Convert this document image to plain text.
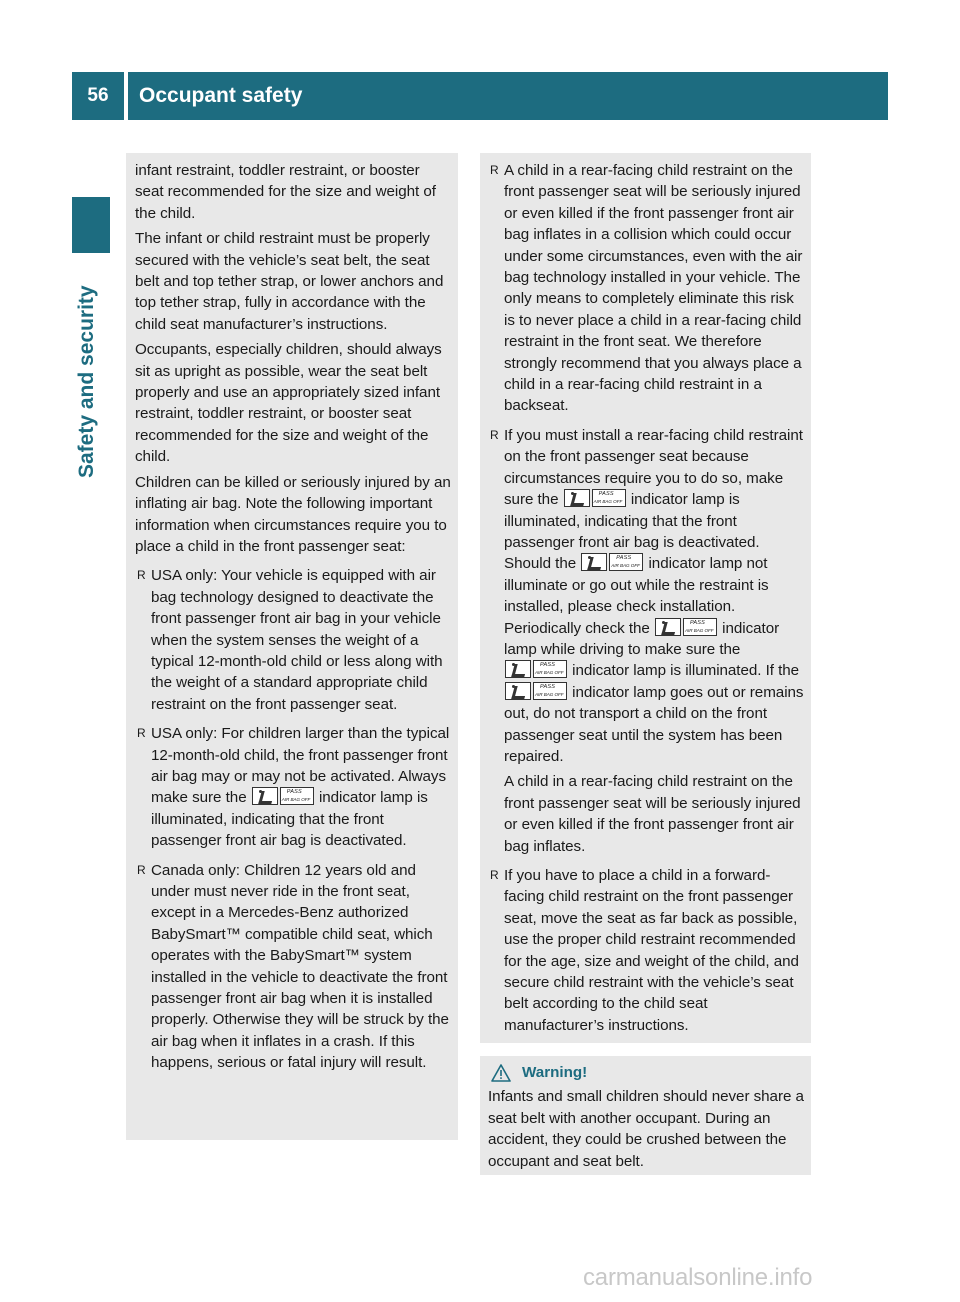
56	Occupant safety
Safety and security

infant restraint, toddler restraint, or booster seat recommended for the size and weight of the child.

The infant or child restraint must be properly secured with the vehicle’s seat belt, the seat belt and top tether strap, or lower anchors and top tether strap, fully in accordance with the child seat manufacturer’s instructions.

Occupants, especially children, should always sit as upright as possible, wear the seat belt properly and use an appropriately sized infant restraint, toddler restraint, or booster seat recommended for the size and weight of the child.

Children can be killed or seriously injured by an inflating air bag. Note the following important information when circumstances require you to place a child in the front passenger seat:

R USA only: Your vehicle is equipped with air bag technology designed to deactivate the front passenger front air bag in your vehicle when the system senses the weight of a typical 12-month-old child or less along with the weight of a standard appropriate child restraint on the front passenger seat.

R USA only: For children larger than the typical 12-month-old child, the front passenger front air bag may or may not be activated. Always make sure the
PASS AIR BAG OFF	indicator lamp is illuminated, indicating that the front passenger front air bag is deactivated.

R Canada only: Children 12 years old and under must never ride in the front seat, except in a Mercedes-Benz authorized BabySmart™ compatible child seat, which operates with the BabySmart™ system installed in the vehicle to deactivate the front passenger front air bag when it is installed properly. Otherwise they will be struck by the air bag when it inflates in a crash. If this happens, serious or fatal injury will result.

R A child in a rear-facing child restraint on the front passenger seat will be seriously injured or even killed if the front passenger front air bag inflates in a collision which could occur under some circumstances, even with the air bag technology installed in your vehicle. The only means to completely eliminate this risk is to never place a child in a rear-facing child restraint in the front seat. We therefore strongly recommend that you always place a child in a rear-facing child restraint in a backseat.

R If you must install a rear-facing child restraint on the front passenger seat because circumstances require you to do so, make sure the PASS AIR BAG OFF	indicator lamp is illuminated, indicating that the front passenger front air bag is deactivated. Should the PASS AIR BAG OFF	indicator lamp not illuminate or go out while the restraint is installed, please check installation. Periodically check the PASS AIR BAG OFF	indicator lamp while driving to make sure the
PASS AIR BAG OFF
indicator lamp is illuminated. If the
PASS AIR BAG OFF
indicator lamp goes out or remains out, do not transport a child on the front passenger seat until the system has been repaired.

A child in a rear-facing child restraint on the front passenger seat will be seriously injured or even killed if the front passenger front air bag inflates.

R If you have to place a child in a forward-facing child restraint on the front passenger seat, move the seat as far back as possible, use the proper child restraint recommended for the age, size and weight of the child, and secure child restraint with the vehicle’s seat belt according to the child seat manufacturer’s instructions.

Warning!

Infants and small children should never share a seat belt with another occupant. During an accident, they could be crushed between the occupant and seat belt.

carmanualsonline.info
